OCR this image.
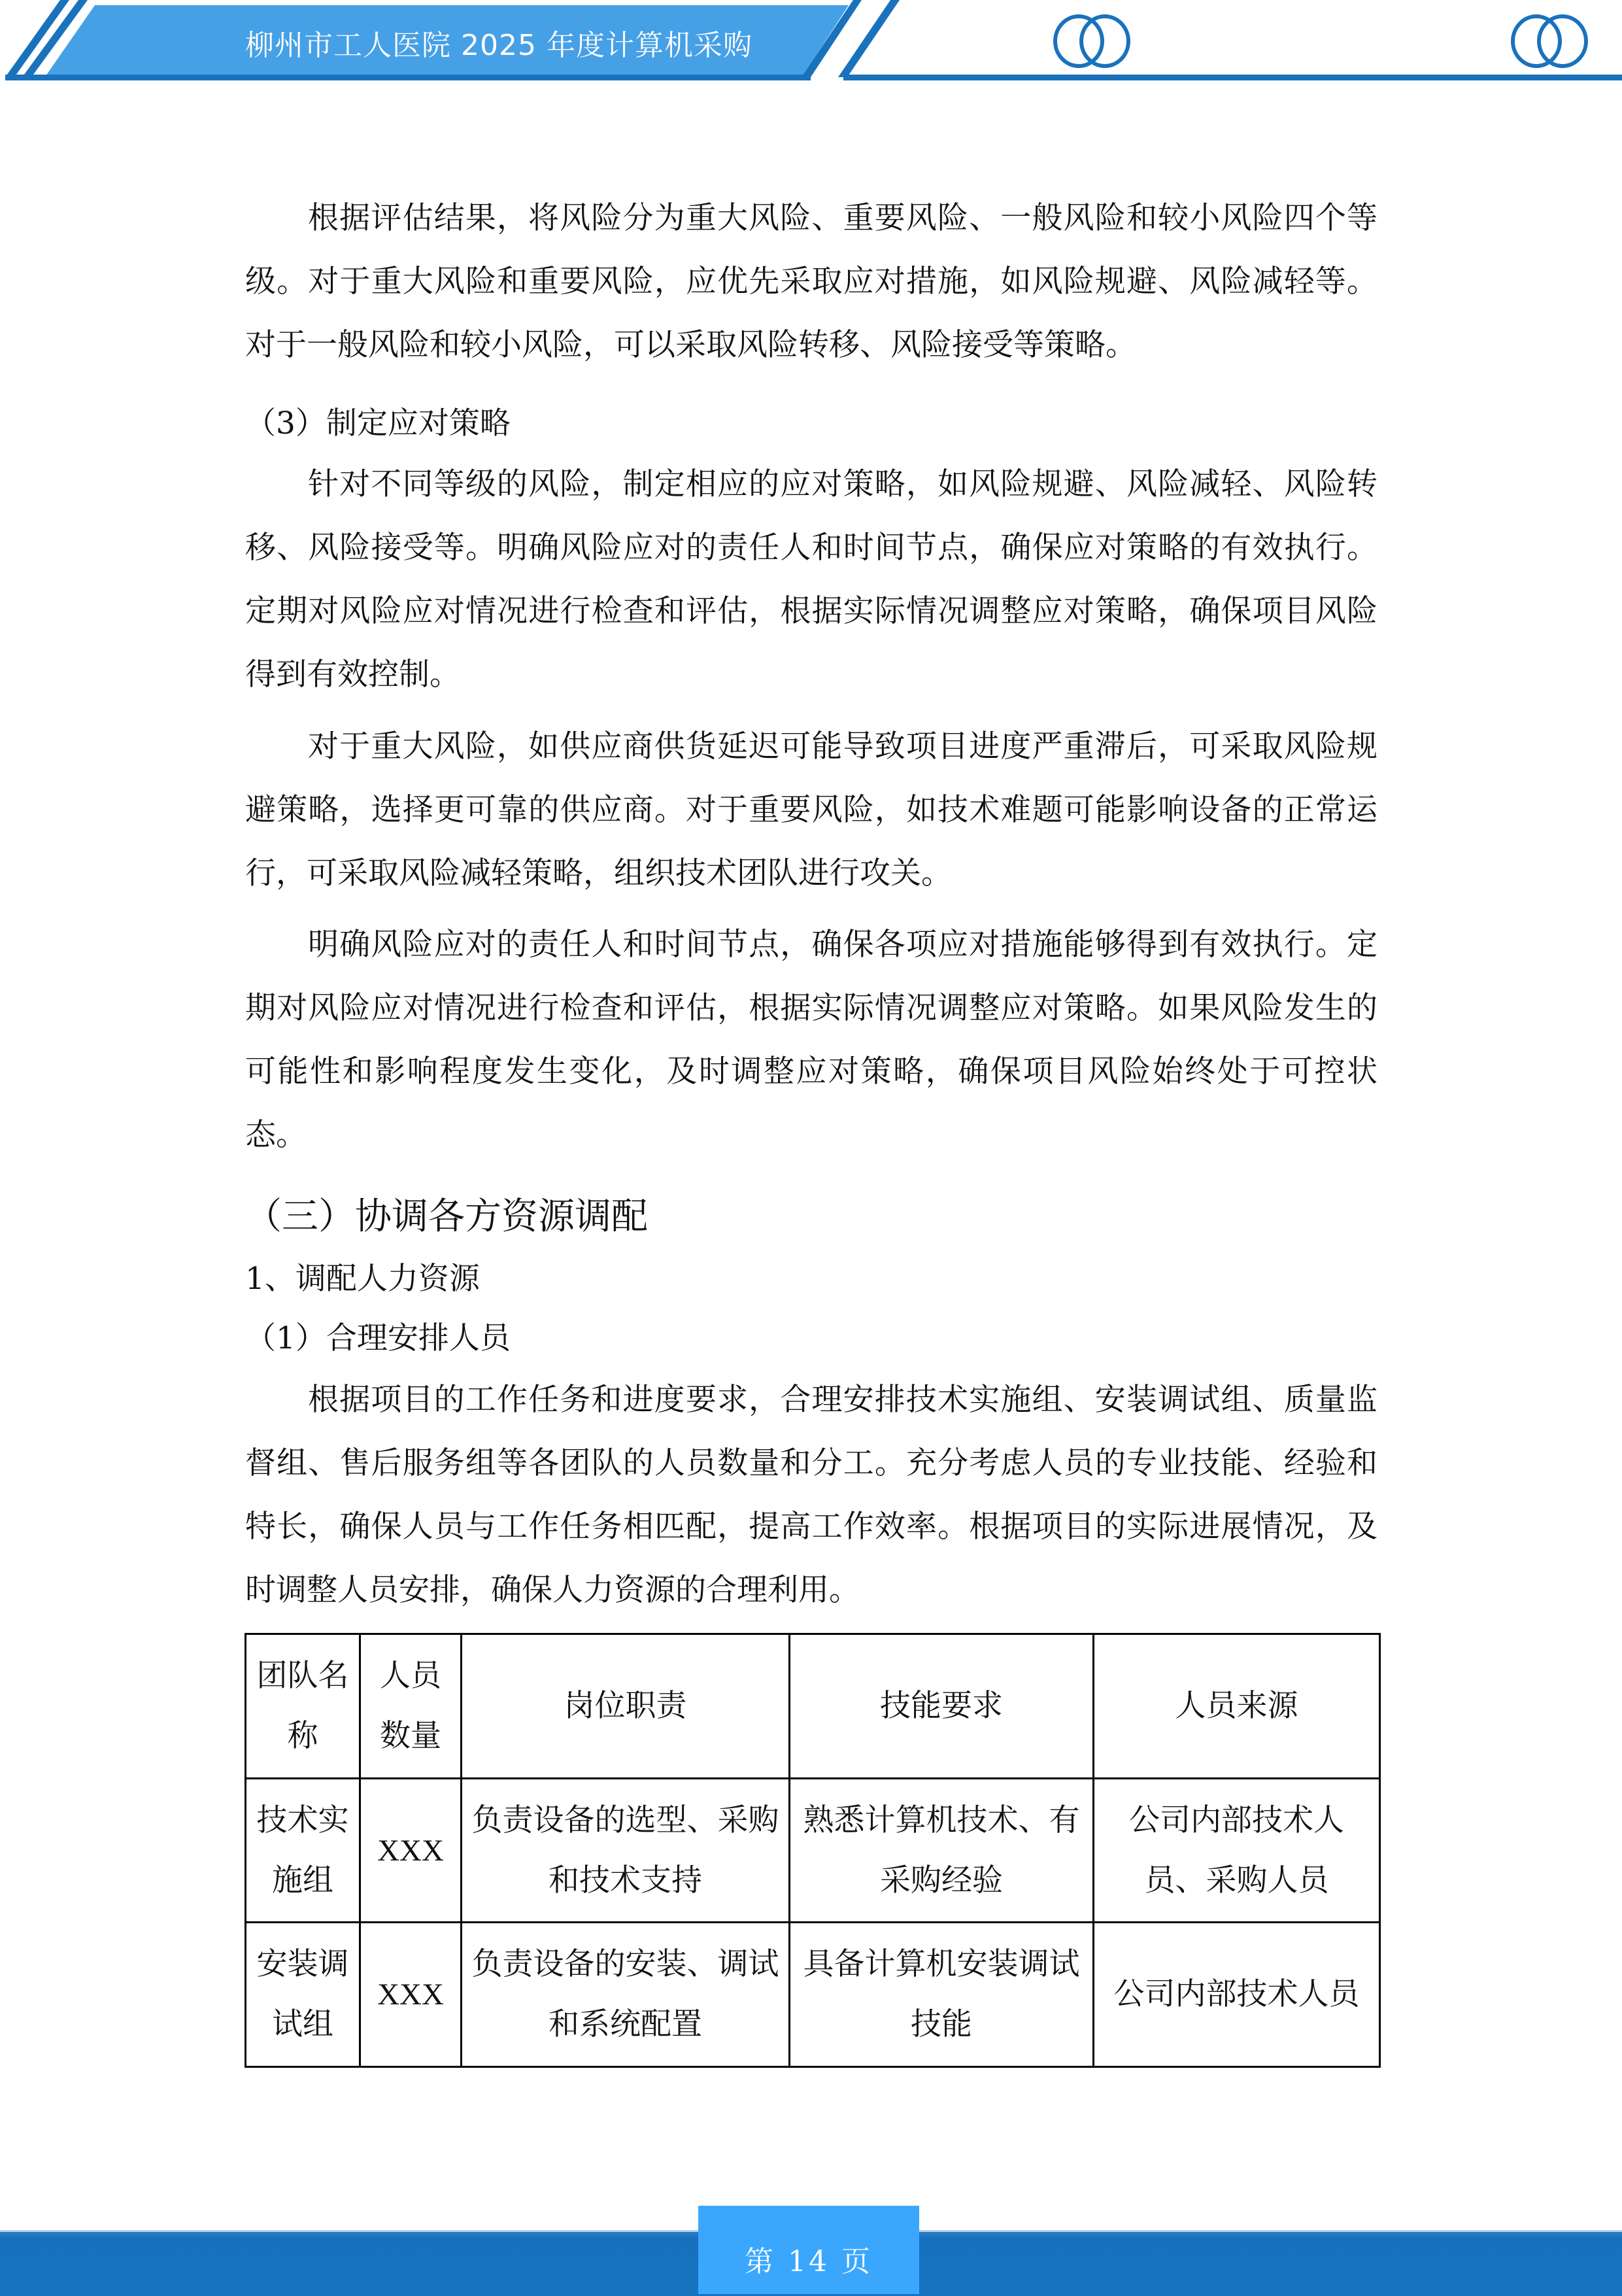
柳州市工人医院 2025 年度计算机采购

根据评估结果，将风险分为重大风险、重要风险、一般风险和较小风险四个等级。对于重大风险和重要风险，应优先采取应对措施，如风险规避、风险减轻等。对于一般风险和较小风险，可以采取风险转移、风险接受等策略。

（3）制定应对策略

针对不同等级的风险，制定相应的应对策略，如风险规避、风险减轻、风险转移、风险接受等。明确风险应对的责任人和时间节点，确保应对策略的有效执行。定期对风险应对情况进行检查和评估，根据实际情况调整应对策略，确保项目风险得到有效控制。

对于重大风险，如供应商供货延迟可能导致项目进度严重滞后，可采取风险规避策略，选择更可靠的供应商。对于重要风险，如技术难题可能影响设备的正常运行，可采取风险减轻策略，组织技术团队进行攻关。

明确风险应对的责任人和时间节点，确保各项应对措施能够得到有效执行。定期对风险应对情况进行检查和评估，根据实际情况调整应对策略。如果风险发生的可能性和影响程度发生变化，及时调整应对策略，确保项目风险始终处于可控状态。

（三）协调各方资源调配
1、调配人力资源
（1）合理安排人员

根据项目的工作任务和进度要求，合理安排技术实施组、安装调试组、质量监督组、售后服务组等各团队的人员数量和分工。充分考虑人员的专业技能、经验和特长，确保人员与工作任务相匹配，提高工作效率。根据项目的实际进展情况，及时调整人员安排，确保人力资源的合理利用。

团队名称	人员数量	岗位职责	技能要求	人员来源
技术实施组	XXX	负责设备的选型、采购和技术支持	熟悉计算机技术、有采购经验	公司内部技术人员、采购人员
安装调试组	XXX	负责设备的安装、调试和系统配置	具备计算机安装调试技能	公司内部技术人员
第 14 页
